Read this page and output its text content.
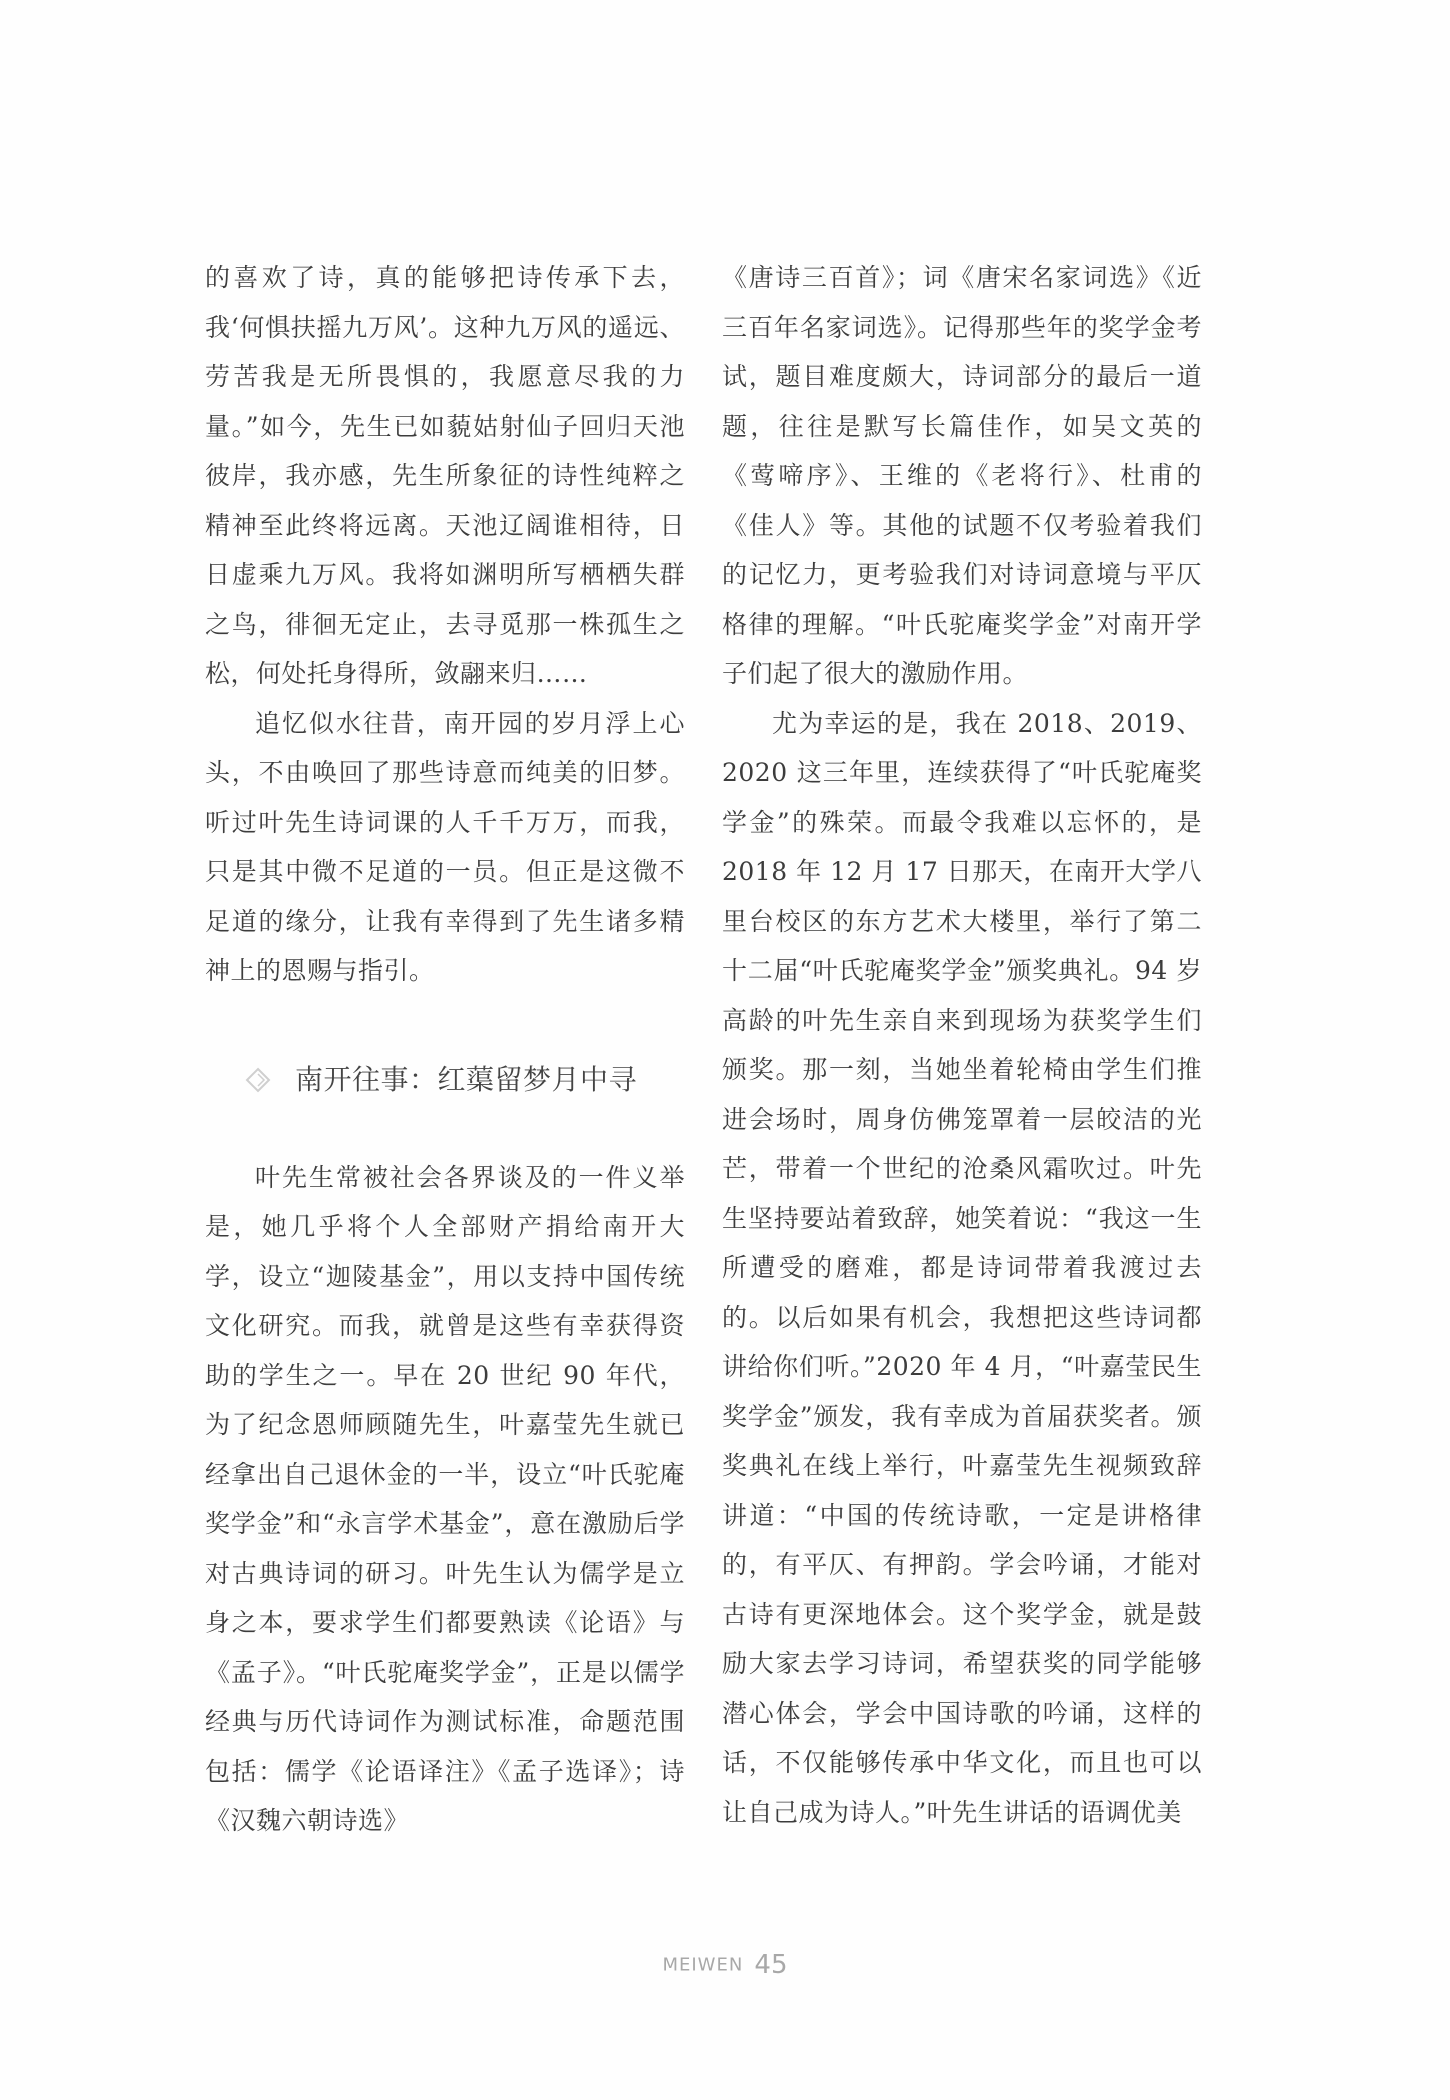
的喜欢了诗，真的能够把诗传承下去，我‘何惧扶摇九万风’。这种九万风的遥远、劳苦我是无所畏惧的，我愿意尽我的力量。”如今，先生已如藐姑射仙子回归天池彼岸，我亦感，先生所象征的诗性纯粹之精神至此终将远离。天池辽阔谁相待，日日虚乘九万风。我将如渊明所写栖栖失群之鸟，徘徊无定止，去寻觅那一株孤生之松，何处托身得所，敛翮来归……

追忆似水往昔，南开园的岁月浮上心头，不由唤回了那些诗意而纯美的旧梦。听过叶先生诗词课的人千千万万，而我，只是其中微不足道的一员。但正是这微不足道的缘分，让我有幸得到了先生诸多精神上的恩赐与指引。

南开往事：红蕖留梦月中寻

叶先生常被社会各界谈及的一件义举是，她几乎将个人全部财产捐给南开大学，设立“迦陵基金”，用以支持中国传统文化研究。而我，就曾是这些有幸获得资助的学生之一。早在 20 世纪 90 年代，为了纪念恩师顾随先生，叶嘉莹先生就已经拿出自己退休金的一半，设立“叶氏驼庵奖学金”和“永言学术基金”，意在激励后学对古典诗词的研习。叶先生认为儒学是立身之本，要求学生们都要熟读《论语》与《孟子》。“叶氏驼庵奖学金”，正是以儒学经典与历代诗词作为测试标准，命题范围包括：儒学《论语译注》《孟子选译》；诗《汉魏六朝诗选》

《唐诗三百首》；词《唐宋名家词选》《近三百年名家词选》。记得那些年的奖学金考试，题目难度颇大，诗词部分的最后一道题，往往是默写长篇佳作，如吴文英的《莺啼序》、王维的《老将行》、杜甫的《佳人》等。其他的试题不仅考验着我们的记忆力，更考验我们对诗词意境与平仄格律的理解。“叶氏驼庵奖学金”对南开学子们起了很大的激励作用。

尤为幸运的是，我在 2018、2019、2020 这三年里，连续获得了“叶氏驼庵奖学金”的殊荣。而最令我难以忘怀的，是 2018 年 12 月 17 日那天，在南开大学八里台校区的东方艺术大楼里，举行了第二十二届“叶氏驼庵奖学金”颁奖典礼。94 岁高龄的叶先生亲自来到现场为获奖学生们颁奖。那一刻，当她坐着轮椅由学生们推进会场时，周身仿佛笼罩着一层皎洁的光芒，带着一个世纪的沧桑风霜吹过。叶先生坚持要站着致辞，她笑着说：“我这一生所遭受的磨难，都是诗词带着我渡过去的。以后如果有机会，我想把这些诗词都讲给你们听。”2020 年 4 月，“叶嘉莹民生奖学金”颁发，我有幸成为首届获奖者。颁奖典礼在线上举行，叶嘉莹先生视频致辞讲道：“中国的传统诗歌，一定是讲格律的，有平仄、有押韵。学会吟诵，才能对古诗有更深地体会。这个奖学金，就是鼓励大家去学习诗词，希望获奖的同学能够潜心体会，学会中国诗歌的吟诵，这样的话，不仅能够传承中华文化，而且也可以让自己成为诗人。”叶先生讲话的语调优美

MEIWEN 45
